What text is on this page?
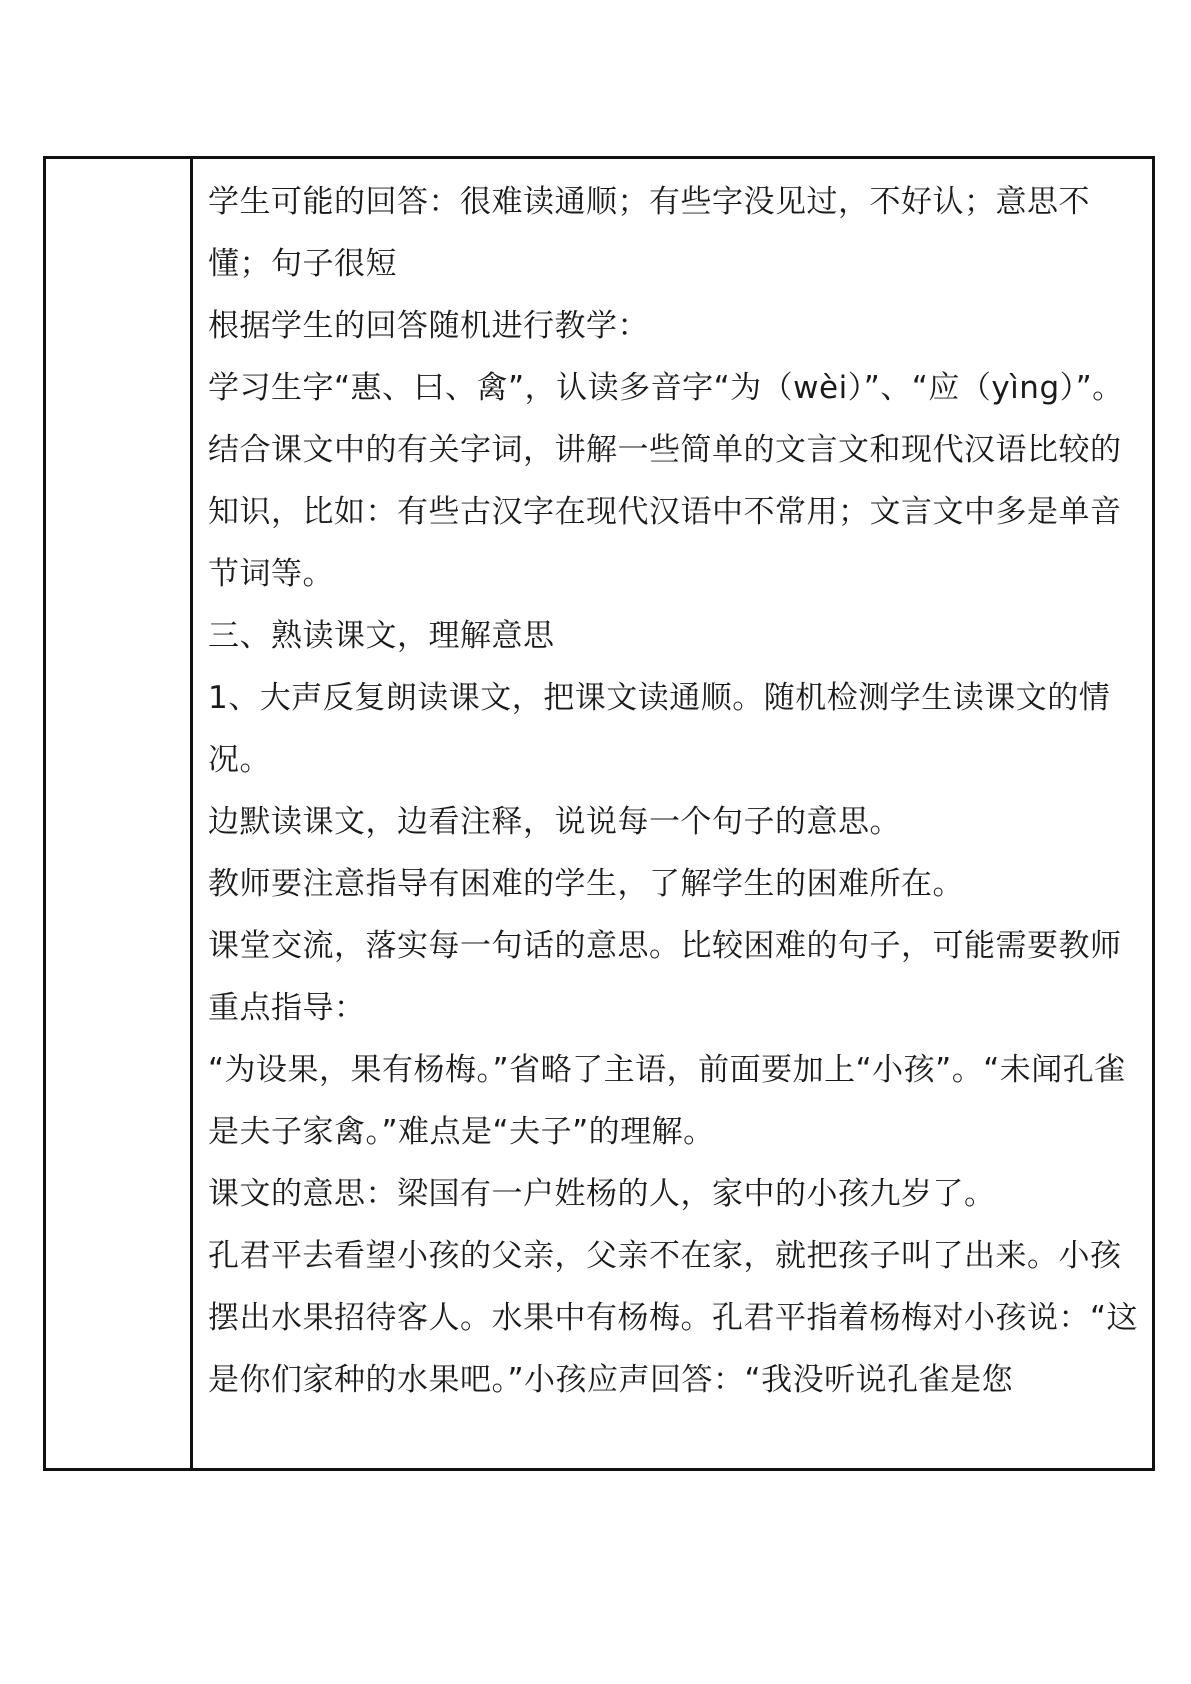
学生可能的回答：很难读通顺；有些字没见过，不好认；意思不懂；句子很短

根据学生的回答随机进行教学：

学习生字“惠、曰、禽”，认读多音字“为（wèi）”、“应（yìng）”。

结合课文中的有关字词，讲解一些简单的文言文和现代汉语比较的知识，比如：有些古汉字在现代汉语中不常用；文言文中多是单音节词等。

三、熟读课文，理解意思

1、大声反复朗读课文，把课文读通顺。随机检测学生读课文的情况。

边默读课文，边看注释，说说每一个句子的意思。

教师要注意指导有困难的学生，了解学生的困难所在。

课堂交流，落实每一句话的意思。比较困难的句子，可能需要教师重点指导：

“为设果，果有杨梅。”省略了主语，前面要加上“小孩”。“未闻孔雀是夫子家禽。”难点是“夫子”的理解。

课文的意思：梁国有一户姓杨的人，家中的小孩九岁了。

孔君平去看望小孩的父亲，父亲不在家，就把孩子叫了出来。小孩摆出水果招待客人。水果中有杨梅。孔君平指着杨梅对小孩说：“这是你们家种的水果吧。”小孩应声回答：“我没听说孔雀是您
